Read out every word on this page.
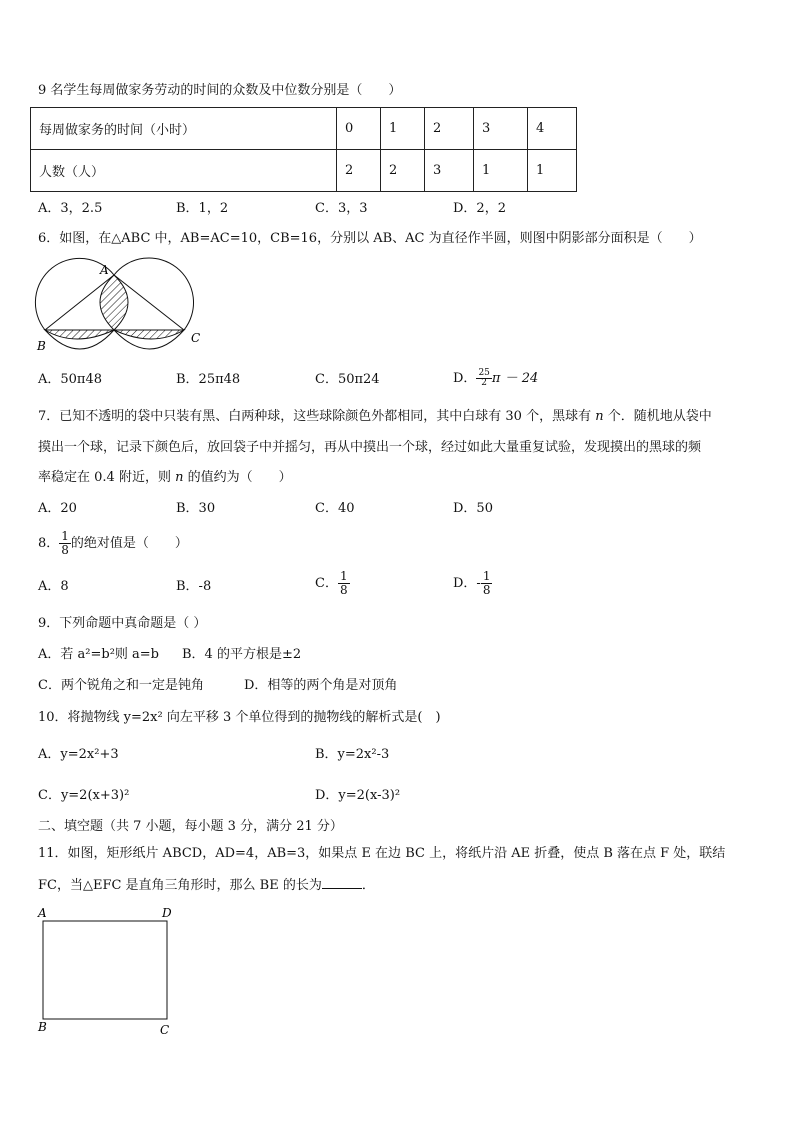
9 名学生每周做家务劳动的时间的众数及中位数分别是（　　）
每周做家务的时间（小时）	0	1	2	3	4
人数（人）	2	2	3	1	1
A．3，2.5	B．1，2	C．3，3	D．2，2
6．如图，在△ABC 中，AB=AC=10，CB=16，分别以 AB、AC 为直径作半圆，则图中阴影部分面积是（　　）
A
B
C
A	D
B	C
A．50π48	B．25π48	C．50π24	D． $\frac{25}{2}$ π － 24
7．已知不透明的袋中只装有黑、白两种球，这些球除颜色外都相同，其中白球有 30 个，黑球有 n 个．随机地从袋中
摸出一个球，记录下颜色后，放回袋子中并摇匀，再从中摸出一个球，经过如此大量重复试验，发现摸出的黑球的频
率稳定在 0.4 附近，则 n 的值约为（　　）
A．20	B．30	C．40	D．50
8． $\frac{1}{8}$ 的绝对值是（　　）
A．8	B．-8	C． $\frac{1}{8}$	D．- $\frac{1}{8}$
9．下列命题中真命题是（ ）
A．若 a²=b²则 a=b B．4 的平方根是±2
C．两个锐角之和一定是钝角	D．相等的两个角是对顶角
10．将抛物线 y=2x² 向左平移 3 个单位得到的抛物线的解析式是(　)
A．y=2x²+3	B．y=2x²-3
C．y=2(x+3)²	D．y=2(x-3)²
二、填空题（共 7 小题，每小题 3 分，满分 21 分）
11．如图，矩形纸片 ABCD，AD=4，AB=3，如果点 E 在边 BC 上，将纸片沿 AE 折叠，使点 B 落在点 F 处，联结
FC，当△EFC 是直角三角形时，那么 BE 的长为	．
